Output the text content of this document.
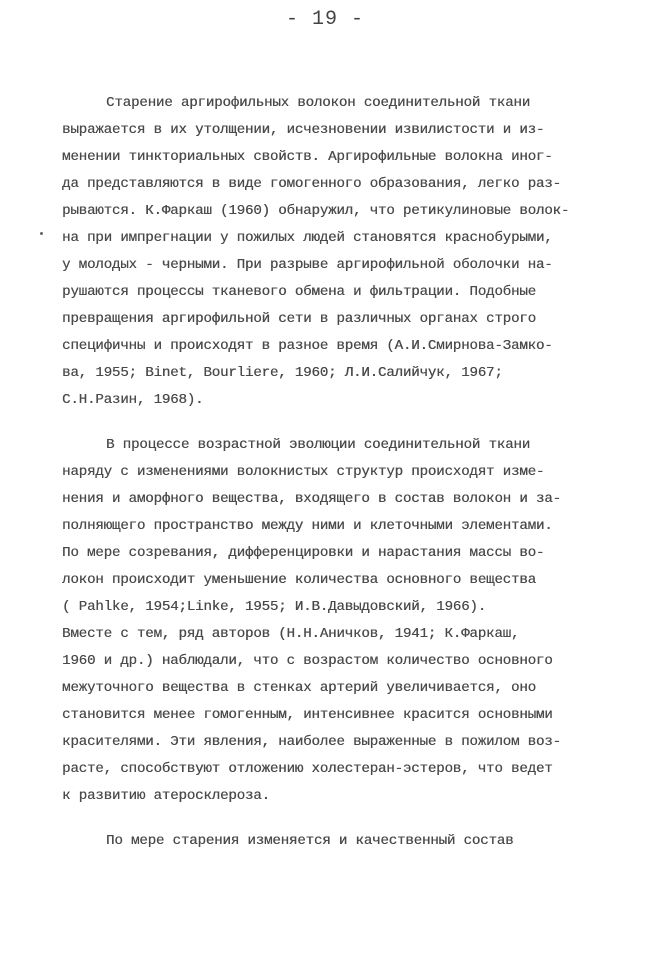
- 19 -
Старение аргирофильных волокон соединительной ткани
выражается в их утолщении, исчезновении извилистости и из-
менении тинкториальных свойств. Аргирофильные волокна иног-
да представляются в виде гомогенного образования, легко раз-
рываются. К.Фаркаш (1960) обнаружил, что ретикулиновые волок-
на при импрегнации у пожилых людей становятся краснобурыми,
у молодых - черными. При разрыве аргирофильной оболочки на-
рушаются процессы тканевого обмена и фильтрации. Подобные
превращения аргирофильной сети в различных органах строго
специфичны и происходят в разное время (А.И.Смирнова-Замко-
ва, 1955; Binet, Bourliere, 1960; Л.И.Салийчук, 1967;
С.Н.Разин, 1968).
В процессе возрастной эволюции соединительной ткани
наряду с изменениями волокнистых структур происходят изме-
нения и аморфного вещества, входящего в состав волокон и за-
полняющего пространство между ними и клеточными элементами.
По мере созревания, дифференцировки и нарастания массы во-
локон происходит уменьшение количества основного вещества
( Pahlke, 1954;Linke, 1955; И.В.Давыдовский, 1966).
Вместе с тем, ряд авторов (Н.Н.Аничков, 1941; К.Фаркаш,
1960 и др.) наблюдали, что с возрастом количество основного
межуточного вещества в стенках артерий увеличивается, оно
становится менее гомогенным, интенсивнее красится основными
красителями. Эти явления, наиболее выраженные в пожилом воз-
расте, способствуют отложению холестеран-эстеров, что ведет
к развитию атеросклероза.
По мере старения изменяется и качественный состав
